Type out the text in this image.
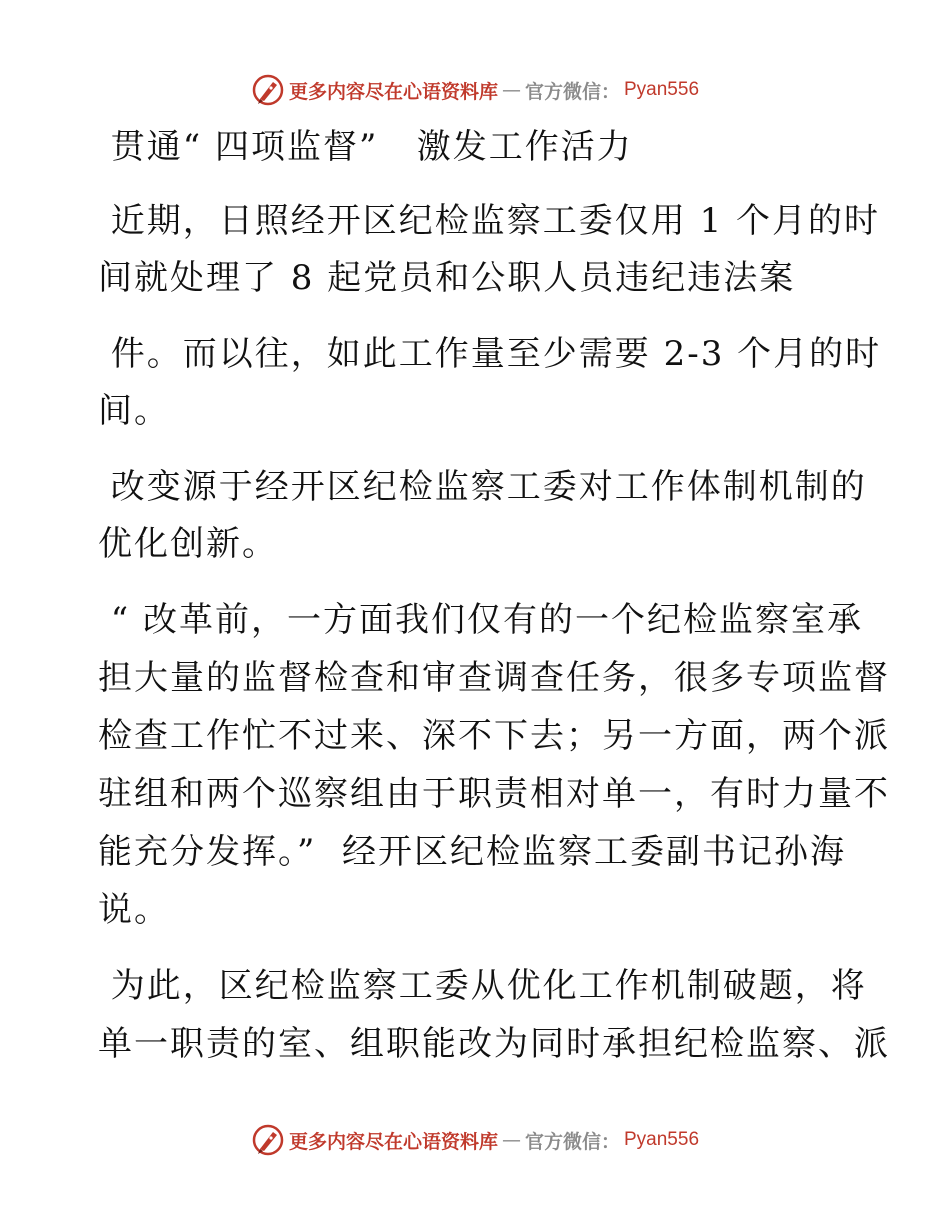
更多内容尽在心语资料库 — 官方微信： Pyan556
贯通“ 四项监督”   激发工作活力
近期，日照经开区纪检监察工委仅用 1 个月的时
间就处理了 8 起党员和公职人员违纪违法案
件。而以往，如此工作量至少需要 2-3 个月的时
间。
改变源于经开区纪检监察工委对工作体制机制的
优化创新。
“ 改革前，一方面我们仅有的一个纪检监察室承
担大量的监督检查和审查调查任务，很多专项监督
检查工作忙不过来、深不下去；另一方面，两个派
驻组和两个巡察组由于职责相对单一，有时力量不
能充分发挥。”  经开区纪检监察工委副书记孙海
说。
为此，区纪检监察工委从优化工作机制破题，将
单一职责的室、组职能改为同时承担纪检监察、派
更多内容尽在心语资料库 — 官方微信： Pyan556
